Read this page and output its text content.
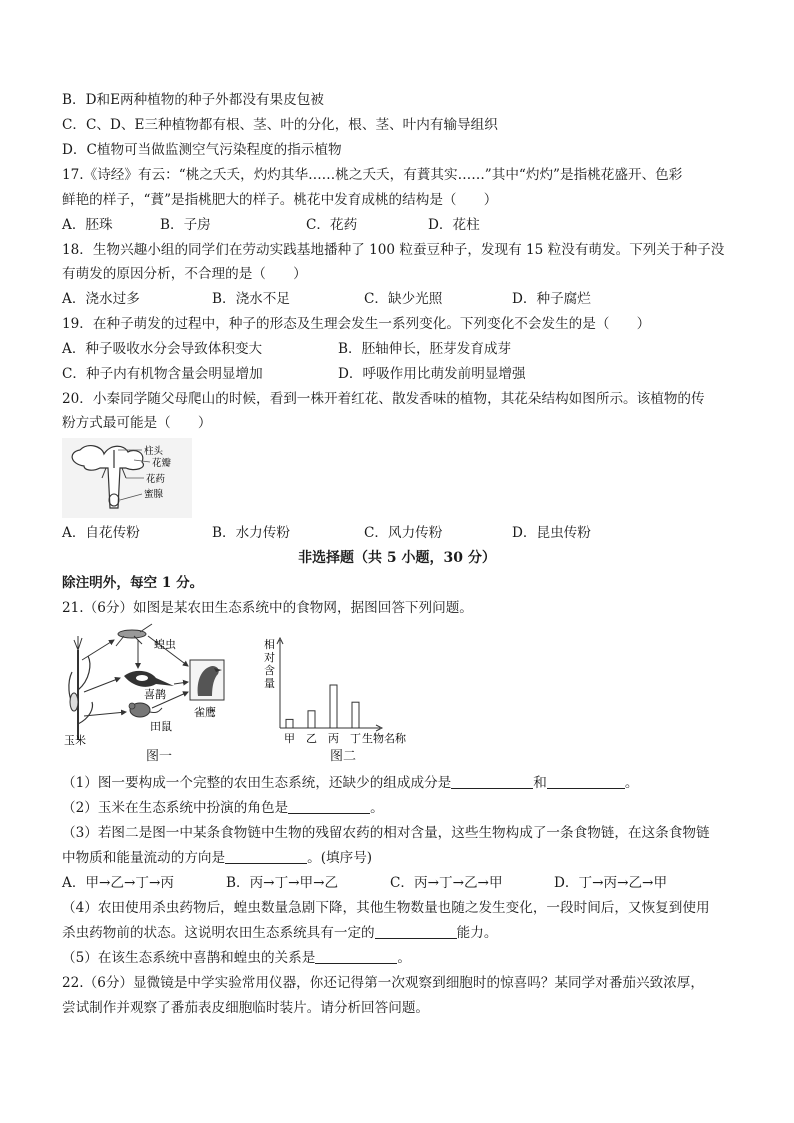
B．D和E两种植物的种子外都没有果皮包被
C．C、D、E三种植物都有根、茎、叶的分化，根、茎、叶内有输导组织
D．C植物可当做监测空气污染程度的指示植物
17.《诗经》有云：“桃之夭夭，灼灼其华……桃之夭夭，有蕡其实……”其中“灼灼”是指桃花盛开、色彩
鲜艳的样子，“蕡”是指桃肥大的样子。桃花中发育成桃的结构是（　　）
A．胚珠	B．子房	C．花药	D．花柱
18．生物兴趣小组的同学们在劳动实践基地播种了 100 粒蚕豆种子，发现有 15 粒没有萌发。下列关于种子没
有萌发的原因分析，不合理的是（　　）
A．浇水过多	B．浇水不足	C．缺少光照	D．种子腐烂
19．在种子萌发的过程中，种子的形态及生理会发生一系列变化。下列变化不会发生的是（　　）
A．种子吸收水分会导致体积变大	B．胚轴伸长，胚芽发育成芽
C．种子内有机物含量会明显增加	D．呼吸作用比萌发前明显增强
20．小秦同学随父母爬山的时候，看到一株开着红花、散发香味的植物，其花朵结构如图所示。该植物的传
粉方式最可能是（　　）
柱头
花瓣
花药
蜜腺
A．自花传粉	B．水力传粉	C．风力传粉	D．昆虫传粉
非选择题（共 5 小题，30 分）
除注明外，每空 1 分。
21.（6分）如图是某农田生态系统中的食物网，据图回答下列问题。
蝗虫
喜鹊
雀鹰
田鼠
玉米
图一
相
对
含
量
甲 乙 丙 丁 生物名称
图二
（1）图一要构成一个完整的农田生态系统，还缺少的组成成分是	和	。
（2）玉米在生态系统中扮演的角色是	。
（3）若图二是图一中某条食物链中生物的残留农药的相对含量，这些生物构成了一条食物链，在这条食物链
中物质和能量流动的方向是	。(填序号)
A．甲→乙→丁→丙	B．丙→丁→甲→乙	C．丙→丁→乙→甲	D．丁→丙→乙→甲
（4）农田使用杀虫药物后，蝗虫数量急剧下降，其他生物数量也随之发生变化，一段时间后，又恢复到使用
杀虫药物前的状态。这说明农田生态系统具有一定的	能力。
（5）在该生态系统中喜鹊和蝗虫的关系是	。
22.（6分）显微镜是中学实验常用仪器，你还记得第一次观察到细胞时的惊喜吗？某同学对番茄兴致浓厚，
尝试制作并观察了番茄表皮细胞临时装片。请分析回答问题。
